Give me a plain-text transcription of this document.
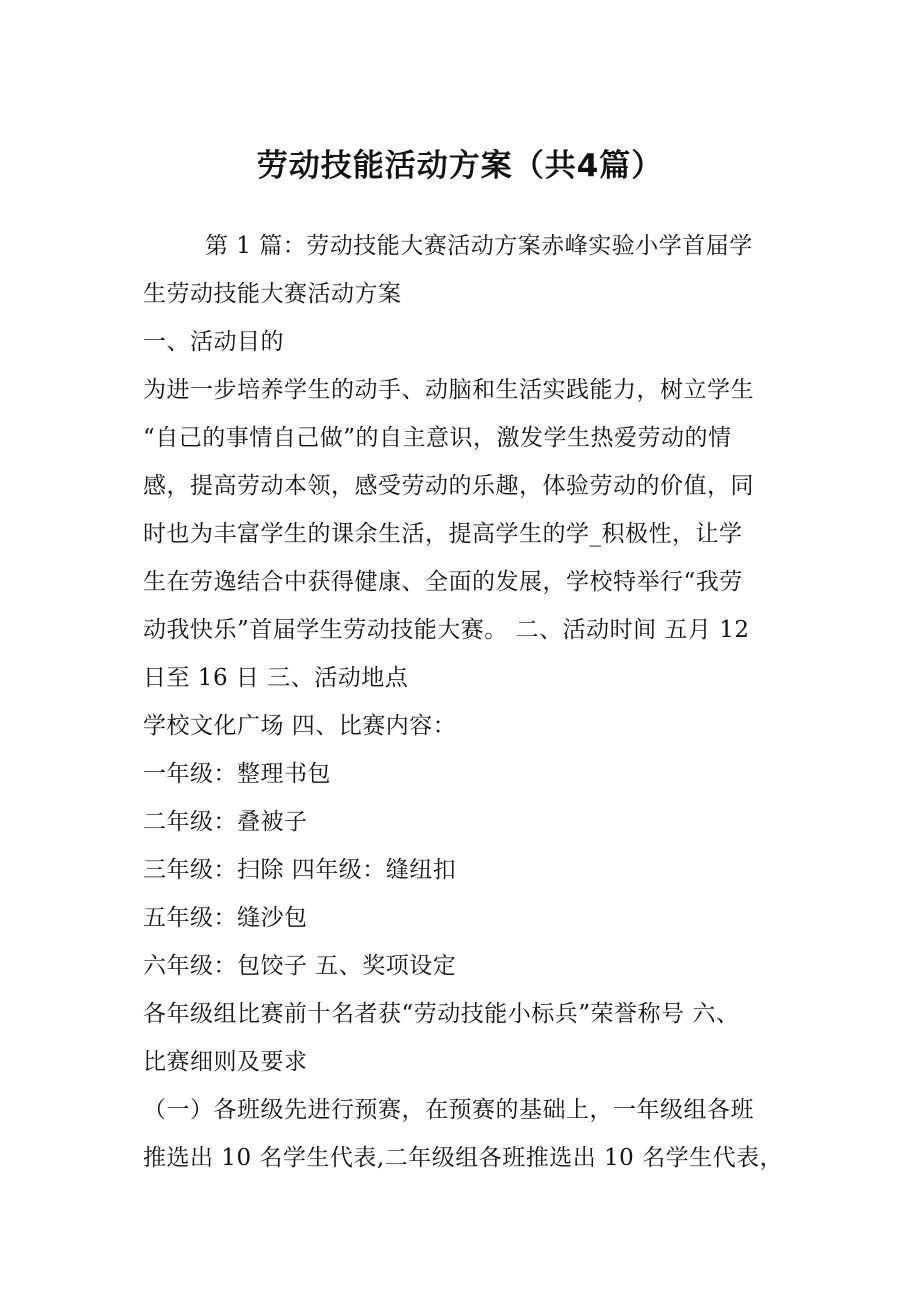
劳动技能活动方案（共4篇）
第 1 篇：劳动技能大赛活动方案赤峰实验小学首届学
生劳动技能大赛活动方案
一、活动目的
为进一步培养学生的动手、动脑和生活实践能力，树立学生
“自己的事情自己做”的自主意识，激发学生热爱劳动的情
感，提高劳动本领，感受劳动的乐趣，体验劳动的价值，同
时也为丰富学生的课余生活，提高学生的学_积极性，让学
生在劳逸结合中获得健康、全面的发展，学校特举行“我劳
动我快乐”首届学生劳动技能大赛。 二、活动时间 五月 12
日至 16 日 三、活动地点
学校文化广场 四、比赛内容：
一年级：整理书包
二年级：叠被子
三年级：扫除 四年级：缝纽扣
五年级：缝沙包
六年级：包饺子 五、奖项设定
各年级组比赛前十名者获“劳动技能小标兵”荣誉称号 六、
比赛细则及要求
（一）各班级先进行预赛，在预赛的基础上，一年级组各班
推选出 10 名学生代表,二年级组各班推选出 10 名学生代表，
